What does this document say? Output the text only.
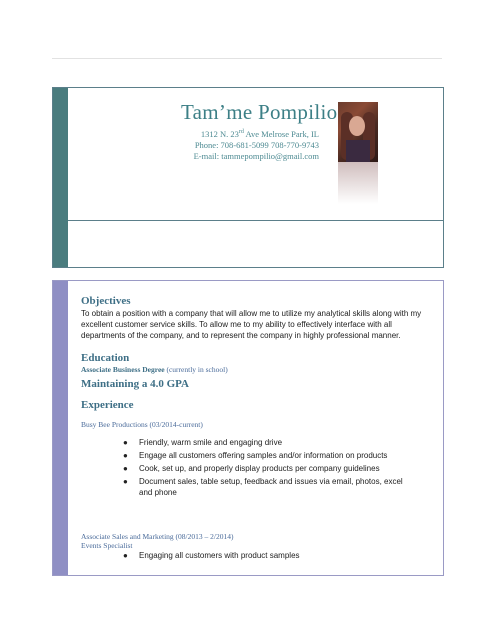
Tam’me Pompilio
1312 N. 23rd Ave Melrose Park, IL
Phone: 708-681-5099 708-770-9743
E-mail: tammepompilio@gmail.com
Objectives
To obtain a position with a company that will allow me to utilize my analytical skills along with my excellent customer service skills. To allow me to my ability to effectively interface with all departments of the company, and to represent the company in highly professional manner.
Education
Associate Business Degree (currently in school)
Maintaining a 4.0 GPA
Experience
Busy Bee Productions (03/2014-current)
● Friendly, warm smile and engaging drive
● Engage all customers offering samples and/or information on products
● Cook, set up, and properly display products per company guidelines
● Document sales, table setup, feedback and issues via email, photos, excel and phone
Associate Sales and Marketing (08/2013 – 2/2014)
Events Specialist
● Engaging all customers with product samples
